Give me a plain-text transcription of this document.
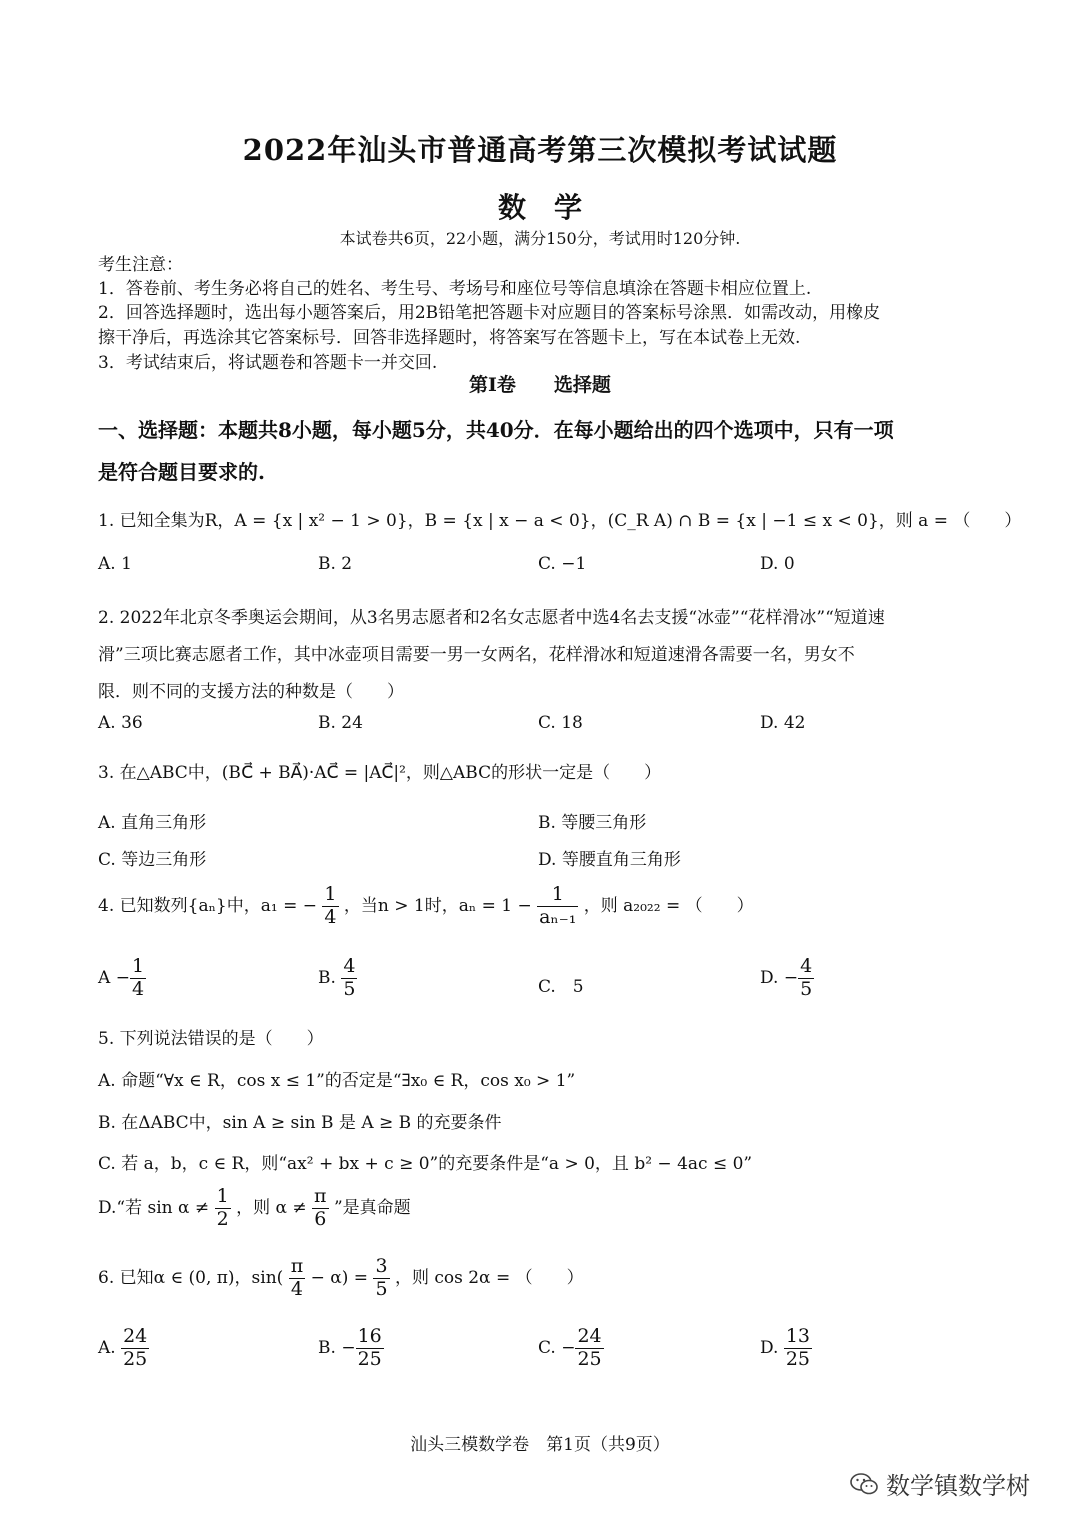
2022年汕头市普通高考第三次模拟考试试题
数　学
本试卷共6页，22小题，满分150分，考试用时120分钟.
考生注意：
1．答卷前、考生务必将自己的姓名、考生号、考场号和座位号等信息填涂在答题卡相应位置上.
2．回答选择题时，选出每小题答案后，用2B铅笔把答题卡对应题目的答案标号涂黑．如需改动，用橡皮
擦干净后，再选涂其它答案标号．回答非选择题时，将答案写在答题卡上，写在本试卷上无效.
3．考试结束后，将试题卷和答题卡一并交回.
第Ⅰ卷　　选择题
一、选择题：本题共8小题，每小题5分，共40分．在每小题给出的四个选项中，只有一项
是符合题目要求的.
1. 已知全集为R，A = {x | x² − 1 > 0}，B = {x | x − a < 0}，(C_R A) ∩ B = {x | −1 ≤ x < 0}，则 a = （　　）
A. 1	B. 2	C. −1	D. 0
2. 2022年北京冬季奥运会期间，从3名男志愿者和2名女志愿者中选4名去支援“冰壶”“花样滑冰”“短道速
滑”三项比赛志愿者工作，其中冰壶项目需要一男一女两名，花样滑冰和短道速滑各需要一名，男女不
限．则不同的支援方法的种数是（　　）
A. 36	B. 24	C. 18	D. 42
3. 在△ABC中，(BC⃗ + BA⃗)·AC⃗ = |AC⃗|²，则△ABC的形状一定是（　　）
A. 直角三角形	B. 等腰三角形
C. 等边三角形	D. 等腰直角三角形
4. 已知数列{aₙ}中，a₁ = − $\frac{1}{4}$ ，当n > 1时，$a_n = 1 - \frac{1}{\text{aₙ₋₁}}$ ，则 a₂₀₂₂ = （　　）
$A - \frac{1}{4}$	B. $\frac{4}{5}$	C.　5	D. − $\frac{4}{5}$
5. 下列说法错误的是（　　）
A. 命题“∀x ∈ R，cos x ≤ 1”的否定是“∃x₀ ∈ R，cos x₀ > 1”
B. 在ΔABC中，sin A ≥ sin B 是 A ≥ B 的充要条件
C. 若 a，b，c ∈ R，则“ax² + bx + c ≥ 0”的充要条件是“a > 0，且 b² − 4ac ≤ 0”
D.“若 $\sin \alpha \ne \frac{1}{2}$ ，则 $\alpha \ne \frac{\pi}{6}$ ”是真命题
6. 已知α ∈ (0, π)，$\sin( \frac{\pi}{4} - \alpha) = \frac{3}{5}$ ，则 cos 2α = （　　）
A. $\frac{24}{25}$	B. − $\frac{16}{25}$	C. − $\frac{24}{25}$	D. $\frac{13}{25}$
汕头三模数学卷　第1页（共9页）
数学镇数学树
